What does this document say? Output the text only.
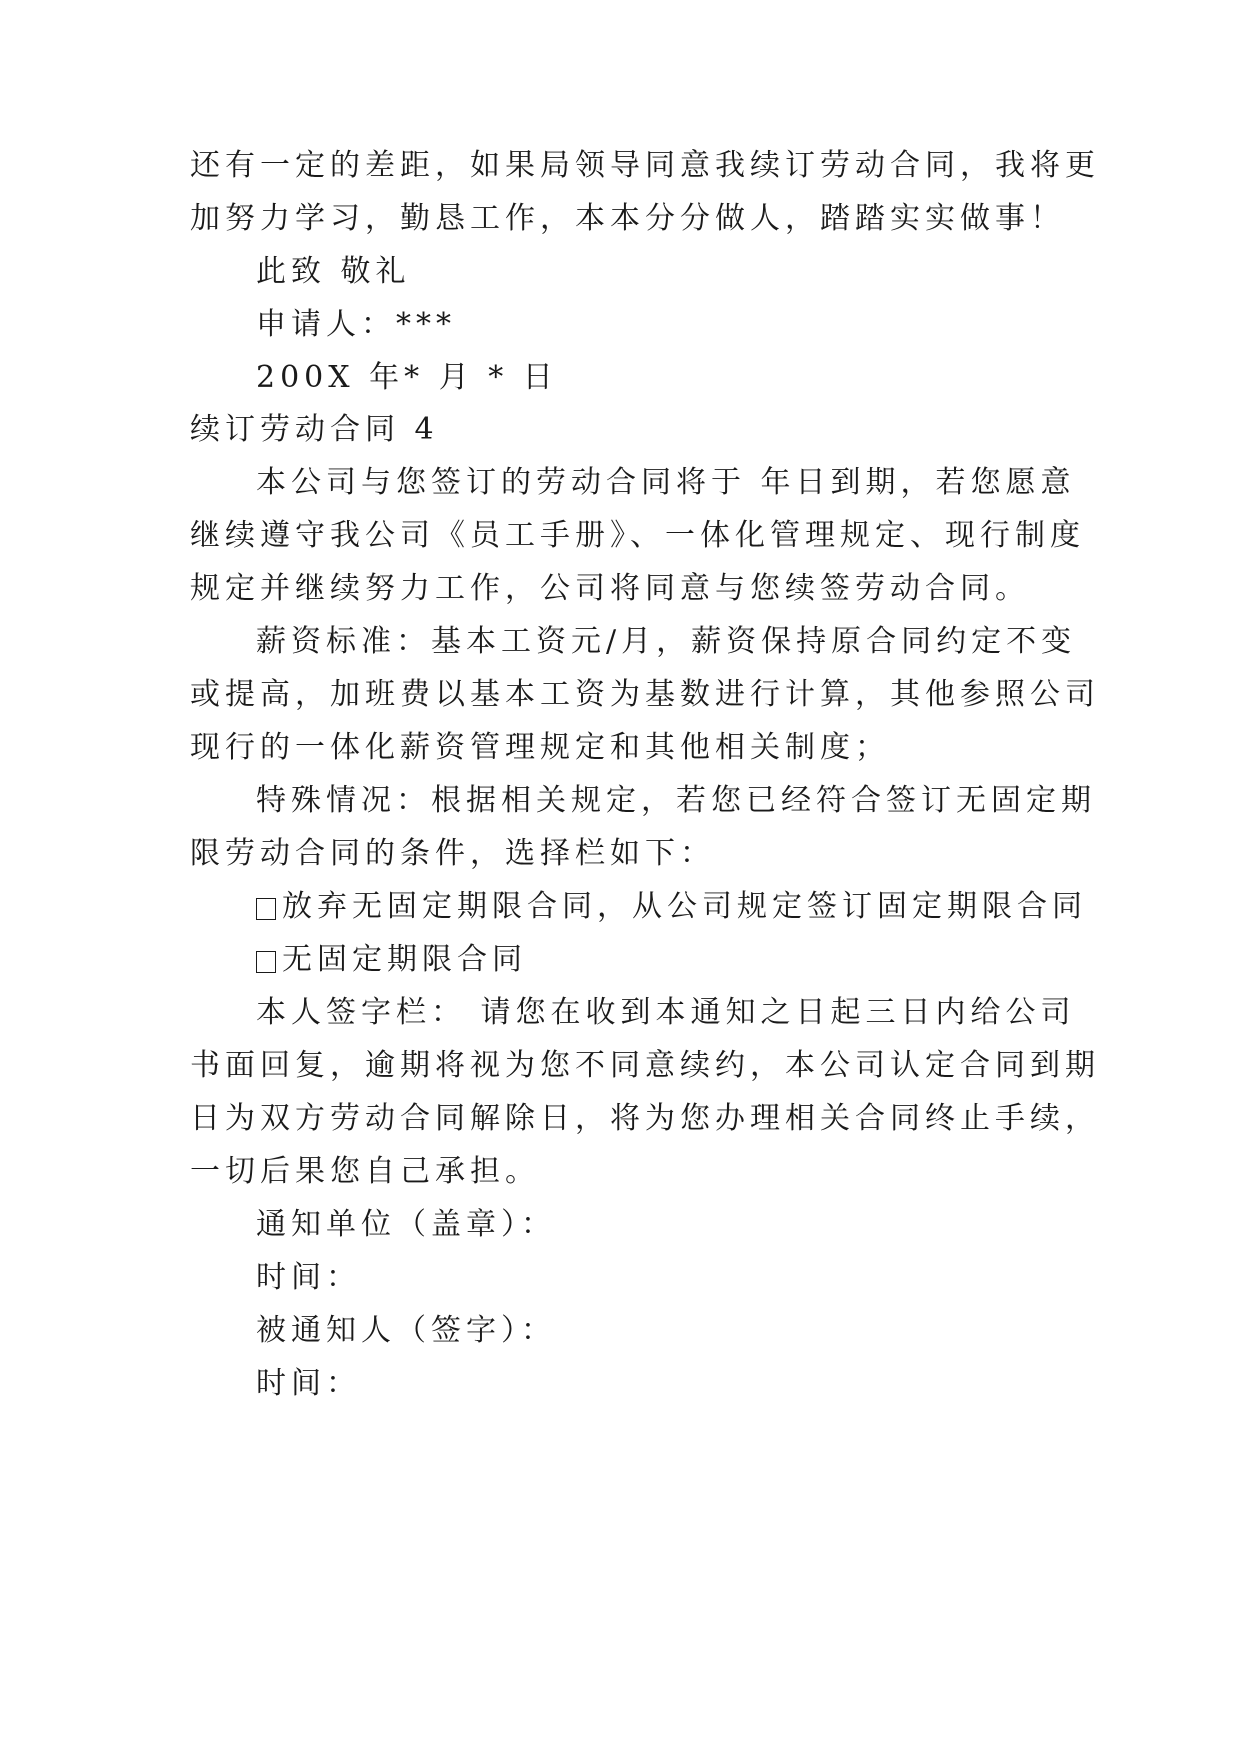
还有一定的差距，如果局领导同意我续订劳动合同，我将更
加努力学习，勤恳工作，本本分分做人，踏踏实实做事！
此致 敬礼
申请人：***
200X 年* 月 * 日
续订劳动合同 4
本公司与您签订的劳动合同将于 年日到期，若您愿意
继续遵守我公司《员工手册》、一体化管理规定、现行制度
规定并继续努力工作，公司将同意与您续签劳动合同。
薪资标准：基本工资元/月，薪资保持原合同约定不变
或提高，加班费以基本工资为基数进行计算，其他参照公司
现行的一体化薪资管理规定和其他相关制度；
特殊情况：根据相关规定，若您已经符合签订无固定期
限劳动合同的条件，选择栏如下：
放弃无固定期限合同，从公司规定签订固定期限合同
无固定期限合同
本人签字栏： 请您在收到本通知之日起三日内给公司
书面回复，逾期将视为您不同意续约，本公司认定合同到期
日为双方劳动合同解除日，将为您办理相关合同终止手续，
一切后果您自己承担。
通知单位（盖章）：
时间：
被通知人（签字）：
时间：
